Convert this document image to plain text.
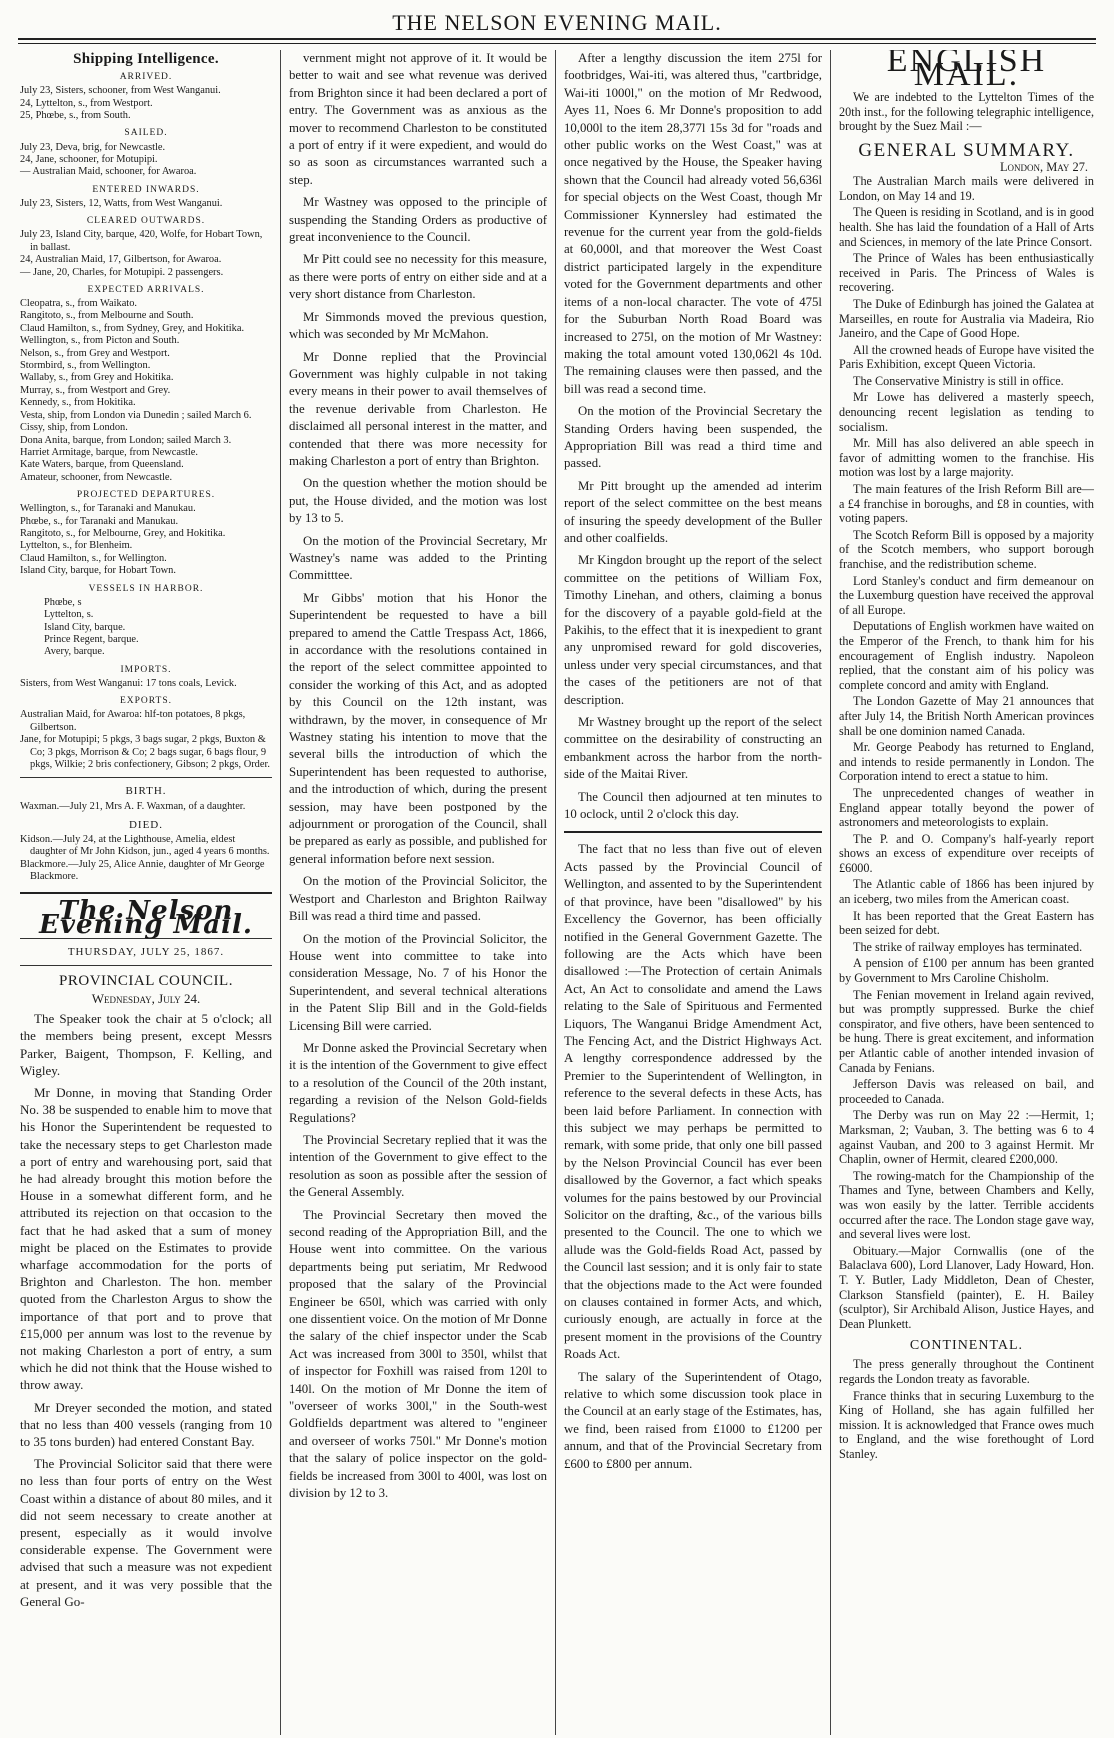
THE NELSON EVENING MAIL.
Shipping Intelligence.
ARRIVED.

July 23, Sisters, schooner, from West Wanganui.

24, Lyttelton, s., from Westport.

25, Phœbe, s., from South.

SAILED.

July 23, Deva, brig, for Newcastle.

24, Jane, schooner, for Motupipi.

— Australian Maid, schooner, for Awaroa.

ENTERED INWARDS.

July 23, Sisters, 12, Watts, from West Wanganui.

CLEARED OUTWARDS.

July 23, Island City, barque, 420, Wolfe, for Hobart Town, in ballast.

24, Australian Maid, 17, Gilbertson, for Awaroa.

— Jane, 20, Charles, for Motupipi. 2 passengers.

EXPECTED ARRIVALS.

Cleopatra, s., from Waikato.

Rangitoto, s., from Melbourne and South.

Claud Hamilton, s., from Sydney, Grey, and Hokitika.

Wellington, s., from Picton and South.

Nelson, s., from Grey and Westport.

Stormbird, s., from Wellington.

Wallaby, s., from Grey and Hokitika.

Murray, s., from Westport and Grey.

Kennedy, s., from Hokitika.

Vesta, ship, from London via Dunedin ; sailed March 6.

Cissy, ship, from London.

Dona Anita, barque, from London; sailed March 3.

Harriet Armitage, barque, from Newcastle.

Kate Waters, barque, from Queensland.

Amateur, schooner, from Newcastle.

PROJECTED DEPARTURES.

Wellington, s., for Taranaki and Manukau.

Phœbe, s., for Taranaki and Manukau.

Rangitoto, s., for Melbourne, Grey, and Hokitika.

Lyttelton, s., for Blenheim.

Claud Hamilton, s., for Wellington.

Island City, barque, for Hobart Town.

VESSELS IN HARBOR.

Phœbe, s

Lyttelton, s.

Island City, barque.

Prince Regent, barque.

Avery, barque.

IMPORTS.

Sisters, from West Wanganui: 17 tons coals, Levick.

EXPORTS.

Australian Maid, for Awaroa: hlf-ton potatoes, 8 pkgs, Gilbertson.

Jane, for Motupipi; 5 pkgs, 3 bags sugar, 2 pkgs, Buxton & Co; 3 pkgs, Morrison & Co; 2 bags sugar, 6 bags flour, 9 pkgs, Wilkie; 2 bris confectionery, Gibson; 2 pkgs, Order.

BIRTH.

Waxman.—July 21, Mrs A. F. Waxman, of a daughter.

DIED.

Kidson.—July 24, at the Lighthouse, Amelia, eldest daughter of Mr John Kidson, jun., aged 4 years 6 months.

Blackmore.—July 25, Alice Annie, daughter of Mr George Blackmore.

The Nelson Evening Mail.
THURSDAY, JULY 25, 1867.
PROVINCIAL COUNCIL.
Wednesday, July 24.

The Speaker took the chair at 5 o'clock; all the members being present, except Messrs Parker, Baigent, Thompson, F. Kelling, and Wigley.

Mr Donne, in moving that Standing Order No. 38 be suspended to enable him to move that his Honor the Superintendent be requested to take the necessary steps to get Charleston made a port of entry and warehousing port, said that he had already brought this motion before the House in a somewhat different form, and he attributed its rejection on that occasion to the fact that he had asked that a sum of money might be placed on the Estimates to provide wharfage accommodation for the ports of Brighton and Charleston. The hon. member quoted from the Charleston Argus to show the importance of that port and to prove that £15,000 per annum was lost to the revenue by not making Charleston a port of entry, a sum which he did not think that the House wished to throw away.

Mr Dreyer seconded the motion, and stated that no less than 400 vessels (ranging from 10 to 35 tons burden) had entered Constant Bay.

The Provincial Solicitor said that there were no less than four ports of entry on the West Coast within a distance of about 80 miles, and it did not seem necessary to create another at present, especially as it would involve considerable expense. The Government were advised that such a measure was not expedient at present, and it was very possible that the General Go-

vernment might not approve of it. It would be better to wait and see what revenue was derived from Brighton since it had been declared a port of entry. The Government was as anxious as the mover to recommend Charleston to be constituted a port of entry if it were expedient, and would do so as soon as circumstances warranted such a step.

Mr Wastney was opposed to the principle of suspending the Standing Orders as productive of great inconvenience to the Council.

Mr Pitt could see no necessity for this measure, as there were ports of entry on either side and at a very short distance from Charleston.

Mr Simmonds moved the previous question, which was seconded by Mr McMahon.

Mr Donne replied that the Provincial Government was highly culpable in not taking every means in their power to avail themselves of the revenue derivable from Charleston. He disclaimed all personal interest in the matter, and contended that there was more necessity for making Charleston a port of entry than Brighton.

On the question whether the motion should be put, the House divided, and the motion was lost by 13 to 5.

On the motion of the Provincial Secretary, Mr Wastney's name was added to the Printing Committtee.

Mr Gibbs' motion that his Honor the Superintendent be requested to have a bill prepared to amend the Cattle Trespass Act, 1866, in accordance with the resolutions contained in the report of the select committee appointed to consider the working of this Act, and as adopted by this Council on the 12th instant, was withdrawn, by the mover, in consequence of Mr Wastney stating his intention to move that the several bills the introduction of which the Superintendent has been requested to authorise, and the introduction of which, during the present session, may have been postponed by the adjournment or prorogation of the Council, shall be prepared as early as possible, and published for general information before next session.

On the motion of the Provincial Solicitor, the Westport and Charleston and Brighton Railway Bill was read a third time and passed.

On the motion of the Provincial Solicitor, the House went into committee to take into consideration Message, No. 7 of his Honor the Superintendent, and several technical alterations in the Patent Slip Bill and in the Gold-fields Licensing Bill were carried.

Mr Donne asked the Provincial Secretary when it is the intention of the Government to give effect to a resolution of the Council of the 20th instant, regarding a revision of the Nelson Gold-fields Regulations?

The Provincial Secretary replied that it was the intention of the Government to give effect to the resolution as soon as possible after the session of the General Assembly.

The Provincial Secretary then moved the second reading of the Appropriation Bill, and the House went into committee. On the various departments being put seriatim, Mr Redwood proposed that the salary of the Provincial Engineer be 650l, which was carried with only one dissentient voice. On the motion of Mr Donne the salary of the chief inspector under the Scab Act was increased from 300l to 350l, whilst that of inspector for Foxhill was raised from 120l to 140l. On the motion of Mr Donne the item of "overseer of works 300l," in the South-west Goldfields department was altered to "engineer and overseer of works 750l." Mr Donne's motion that the salary of police inspector on the gold-fields be increased from 300l to 400l, was lost on division by 12 to 3.

After a lengthy discussion the item 275l for footbridges, Wai-iti, was altered thus, "cartbridge, Wai-iti 1000l," on the motion of Mr Redwood, Ayes 11, Noes 6. Mr Donne's proposition to add 10,000l to the item 28,377l 15s 3d for "roads and other public works on the West Coast," was at once negatived by the House, the Speaker having shown that the Council had already voted 56,636l for special objects on the West Coast, though Mr Commissioner Kynnersley had estimated the revenue for the current year from the gold-fields at 60,000l, and that moreover the West Coast district participated largely in the expenditure voted for the Government departments and other items of a non-local character. The vote of 475l for the Suburban North Road Board was increased to 275l, on the motion of Mr Wastney: making the total amount voted 130,062l 4s 10d. The remaining clauses were then passed, and the bill was read a second time.

On the motion of the Provincial Secretary the Standing Orders having been suspended, the Appropriation Bill was read a third time and passed.

Mr Pitt brought up the amended ad interim report of the select committee on the best means of insuring the speedy development of the Buller and other coalfields.

Mr Kingdon brought up the report of the select committee on the petitions of William Fox, Timothy Linehan, and others, claiming a bonus for the discovery of a payable gold-field at the Pakihis, to the effect that it is inexpedient to grant any unpromised reward for gold discoveries, unless under very special circumstances, and that the cases of the petitioners are not of that description.

Mr Wastney brought up the report of the select committee on the desirability of constructing an embankment across the harbor from the north-side of the Maitai River.

The Council then adjourned at ten minutes to 10 oclock, until 2 o'clock this day.

The fact that no less than five out of eleven Acts passed by the Provincial Council of Wellington, and assented to by the Superintendent of that province, have been "disallowed" by his Excellency the Governor, has been officially notified in the General Government Gazette. The following are the Acts which have been disallowed :—The Protection of certain Animals Act, An Act to consolidate and amend the Laws relating to the Sale of Spirituous and Fermented Liquors, The Wanganui Bridge Amendment Act, The Fencing Act, and the District Highways Act. A lengthy correspondence addressed by the Premier to the Superintendent of Wellington, in reference to the several defects in these Acts, has been laid before Parliament. In connection with this subject we may perhaps be permitted to remark, with some pride, that only one bill passed by the Nelson Provincial Council has ever been disallowed by the Governor, a fact which speaks volumes for the pains bestowed by our Provincial Solicitor on the drafting, &c., of the various bills presented to the Council. The one to which we allude was the Gold-fields Road Act, passed by the Council last session; and it is only fair to state that the objections made to the Act were founded on clauses contained in former Acts, and which, curiously enough, are actually in force at the present moment in the provisions of the Country Roads Act.

The salary of the Superintendent of Otago, relative to which some discussion took place in the Council at an early stage of the Estimates, has, we find, been raised from £1000 to £1200 per annum, and that of the Provincial Secretary from £600 to £800 per annum.

ENGLISH MAIL.

We are indebted to the Lyttelton Times of the 20th inst., for the following telegraphic intelligence, brought by the Suez Mail :—

GENERAL SUMMARY.
London, May 27.

The Australian March mails were delivered in London, on May 14 and 19.

The Queen is residing in Scotland, and is in good health. She has laid the foundation of a Hall of Arts and Sciences, in memory of the late Prince Consort.

The Prince of Wales has been enthusiastically received in Paris. The Princess of Wales is recovering.

The Duke of Edinburgh has joined the Galatea at Marseilles, en route for Australia via Madeira, Rio Janeiro, and the Cape of Good Hope.

All the crowned heads of Europe have visited the Paris Exhibition, except Queen Victoria.

The Conservative Ministry is still in office.

Mr Lowe has delivered a masterly speech, denouncing recent legislation as tending to socialism.

Mr. Mill has also delivered an able speech in favor of admitting women to the franchise. His motion was lost by a large majority.

The main features of the Irish Reform Bill are—a £4 franchise in boroughs, and £8 in counties, with voting papers.

The Scotch Reform Bill is opposed by a majority of the Scotch members, who support borough franchise, and the redistribution scheme.

Lord Stanley's conduct and firm demeanour on the Luxemburg question have received the approval of all Europe.

Deputations of English workmen have waited on the Emperor of the French, to thank him for his encouragement of English industry. Napoleon replied, that the constant aim of his policy was complete concord and amity with England.

The London Gazette of May 21 announces that after July 14, the British North American provinces shall be one dominion named Canada.

Mr. George Peabody has returned to England, and intends to reside permanently in London. The Corporation intend to erect a statue to him.

The unprecedented changes of weather in England appear totally beyond the power of astronomers and meteorologists to explain.

The P. and O. Company's half-yearly report shows an excess of expenditure over receipts of £6000.

The Atlantic cable of 1866 has been injured by an iceberg, two miles from the American coast.

It has been reported that the Great Eastern has been seized for debt.

The strike of railway employes has terminated.

A pension of £100 per annum has been granted by Government to Mrs Caroline Chisholm.

The Fenian movement in Ireland again revived, but was promptly suppressed. Burke the chief conspirator, and five others, have been sentenced to be hung. There is great excitement, and information per Atlantic cable of another intended invasion of Canada by Fenians.

Jefferson Davis was released on bail, and proceeded to Canada.

The Derby was run on May 22 :—Hermit, 1; Marksman, 2; Vauban, 3. The betting was 6 to 4 against Vauban, and 200 to 3 against Hermit. Mr Chaplin, owner of Hermit, cleared £200,000.

The rowing-match for the Championship of the Thames and Tyne, between Chambers and Kelly, was won easily by the latter. Terrible accidents occurred after the race. The London stage gave way, and several lives were lost.

Obituary.—Major Cornwallis (one of the Balaclava 600), Lord Llanover, Lady Howard, Hon. T. Y. Butler, Lady Middleton, Dean of Chester, Clarkson Stansfield (painter), E. H. Bailey (sculptor), Sir Archibald Alison, Justice Hayes, and Dean Plunkett.

CONTINENTAL.

The press generally throughout the Continent regards the London treaty as favorable.

France thinks that in securing Luxemburg to the King of Holland, she has again fulfilled her mission. It is acknowledged that France owes much to England, and the wise forethought of Lord Stanley.
